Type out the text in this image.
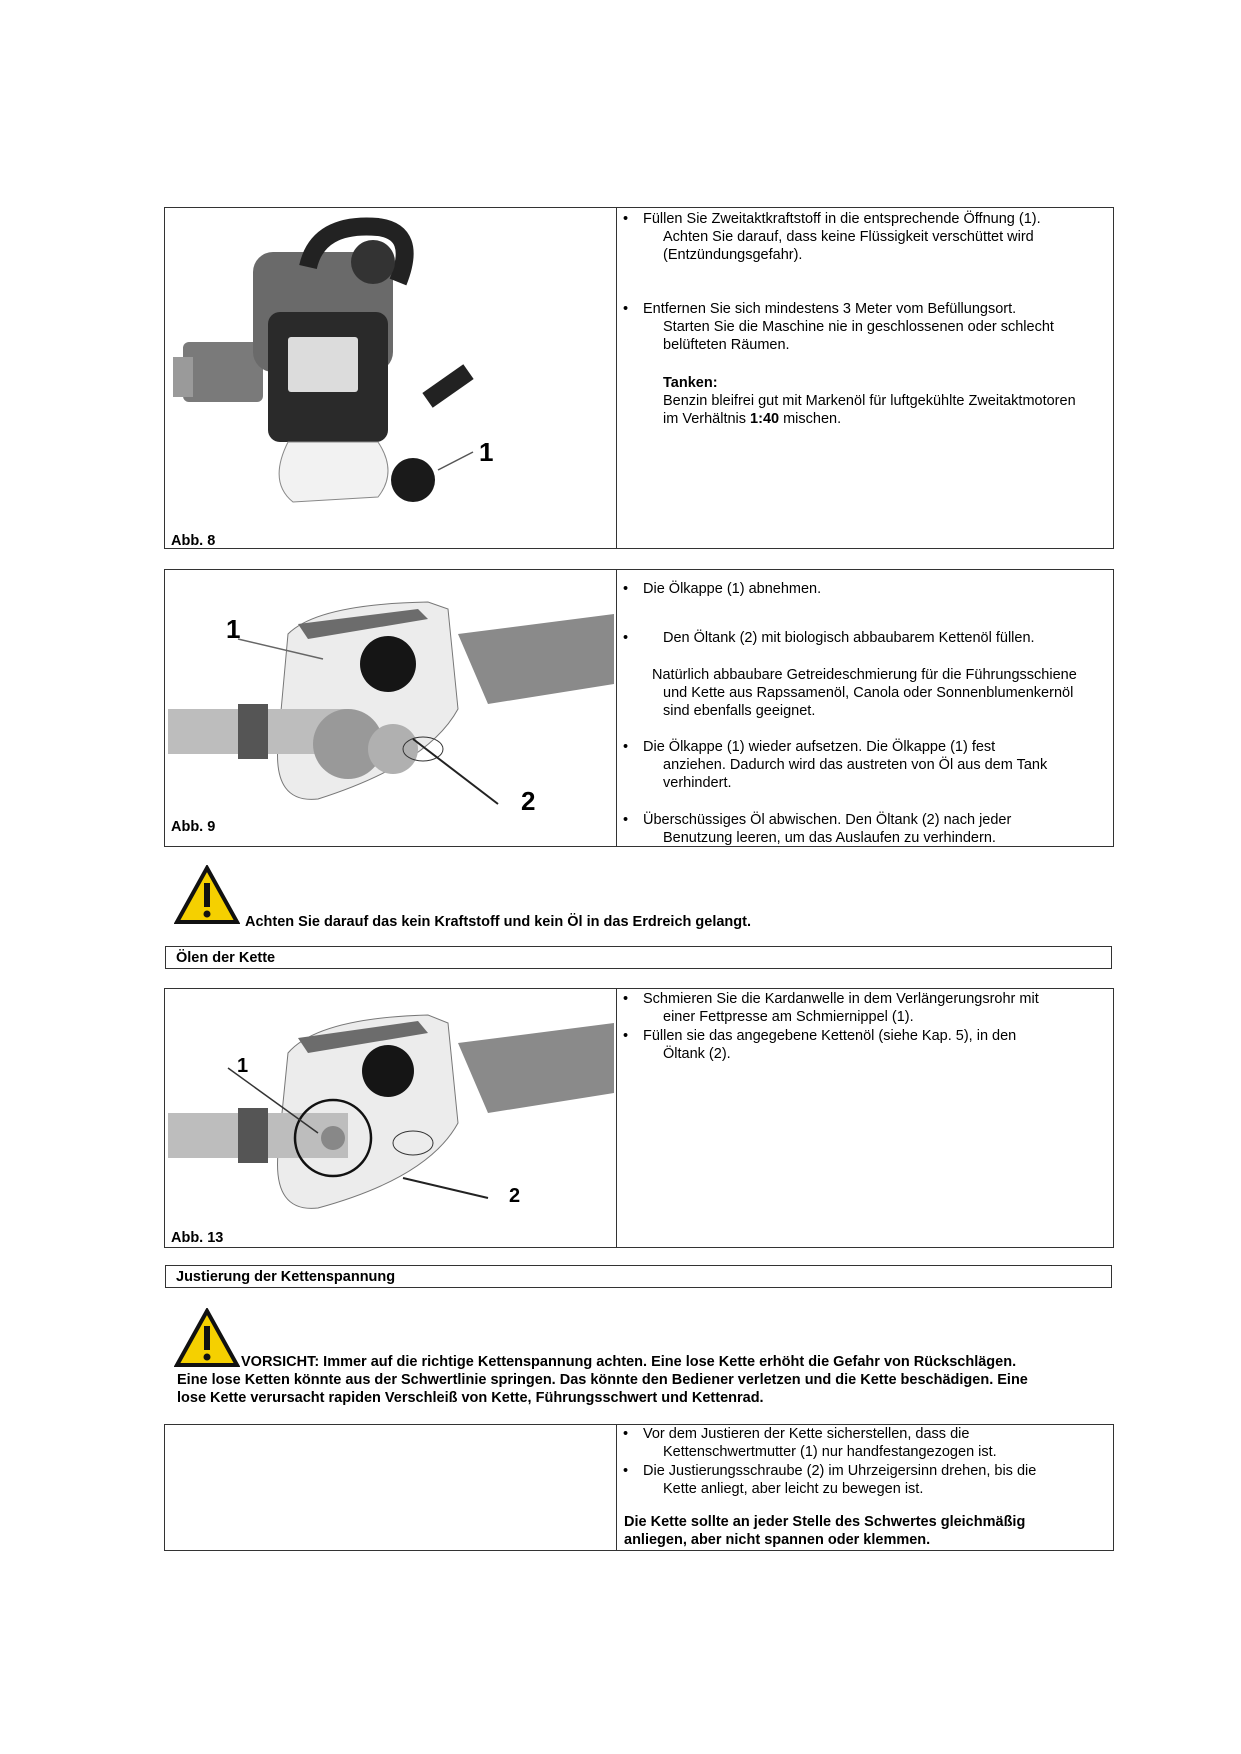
1
Abb. 8
•	Füllen Sie Zweitaktkraftstoff in die entsprechende Öffnung (1).
Achten Sie darauf, dass keine Flüssigkeit verschüttet wird
(Entzündungsgefahr).
•	Entfernen Sie sich mindestens 3 Meter vom Befüllungsort.
Starten Sie die Maschine nie in geschlossenen oder schlecht
belüfteten Räumen.
Tanken:
Benzin bleifrei gut mit Markenöl für luftgekühlte Zweitaktmotoren
im Verhältnis 1:40 mischen.
1
2
Abb. 9
•	Die Ölkappe (1) abnehmen.
•	Den Öltank (2) mit biologisch abbaubarem Kettenöl füllen.
Natürlich abbaubare Getreideschmierung für die Führungsschiene
und Kette aus Rapssamenöl, Canola oder Sonnenblumenkernöl
sind ebenfalls geeignet.
•	Die Ölkappe (1) wieder aufsetzen. Die Ölkappe (1) fest
anziehen. Dadurch wird das austreten von Öl aus dem Tank
verhindert.
•	Überschüssiges Öl abwischen. Den Öltank (2) nach jeder
Benutzung leeren, um das Auslaufen zu verhindern.
Achten Sie darauf das kein Kraftstoff und kein Öl in das Erdreich gelangt.
Ölen der Kette
1
2
Abb. 13
•	Schmieren Sie die Kardanwelle in dem Verlängerungsrohr mit
einer Fettpresse am Schmiernippel (1).
•	Füllen sie das angegebene Kettenöl (siehe Kap. 5), in den
Öltank (2).
Justierung der Kettenspannung
VORSICHT: Immer auf die richtige Kettenspannung achten. Eine lose Kette erhöht die Gefahr von Rückschlägen.
Eine lose Ketten könnte aus der Schwertlinie springen. Das könnte den Bediener verletzen und die Kette beschädigen. Eine
lose Kette verursacht rapiden Verschleiß von Kette, Führungsschwert und Kettenrad.
•	Vor dem Justieren der Kette sicherstellen, dass die
Kettenschwertmutter (1) nur handfestangezogen ist.
•	Die Justierungsschraube (2) im Uhrzeigersinn drehen, bis die
Kette anliegt, aber leicht zu bewegen ist.
Die Kette sollte an jeder Stelle des Schwertes gleichmäßig
anliegen, aber nicht spannen oder klemmen.
